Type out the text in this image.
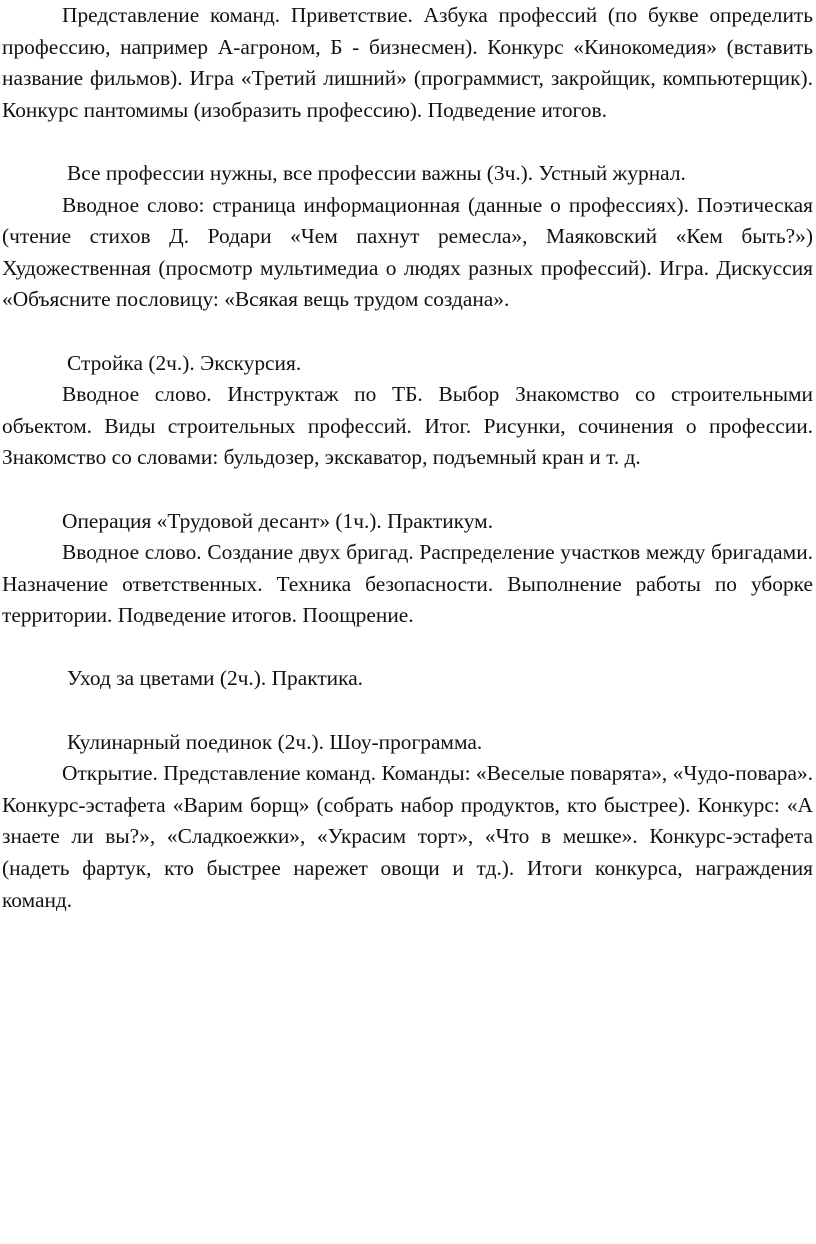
Представление команд. Приветствие. Азбука профессий (по букве определить профессию, например А-агроном, Б - бизнесмен). Конкурс «Кинокомедия» (вставить название фильмов). Игра «Третий лишний» (программист, закройщик, компьютерщик). Конкурс пантомимы (изобразить профессию). Подведение итогов.

Все профессии нужны, все профессии важны (3ч.). Устный журнал.

Вводное слово: страница информационная (данные о профессиях). Поэтическая (чтение стихов Д. Родари «Чем пахнут ремесла», Маяковский «Кем быть?») Художественная (просмотр мультимедиа о людях разных профессий). Игра. Дискуссия «Объясните пословицу: «Всякая вещь трудом создана».

Стройка (2ч.). Экскурсия.

Вводное слово. Инструктаж по ТБ. Выбор Знакомство со строительными объектом. Виды строительных профессий. Итог. Рисунки, сочинения о профессии. Знакомство со словами: бульдозер, экскаватор, подъемный кран и т. д.

Операция «Трудовой десант» (1ч.). Практикум.

Вводное слово. Создание двух бригад. Распределение участков между бригадами. Назначение ответственных. Техника безопасности. Выполнение работы по уборке территории. Подведение итогов. Поощрение.

Уход за цветами (2ч.). Практика.

Кулинарный поединок (2ч.). Шоу-программа.

Открытие. Представление команд. Команды: «Веселые поварята», «Чудо-повара». Конкурс-эстафета «Варим борщ» (собрать набор продуктов, кто быстрее). Конкурс: «А знаете ли вы?», «Сладкоежки», «Украсим торт», «Что в мешке». Конкурс-эстафета (надеть фартук, кто быстрее нарежет овощи и тд.). Итоги конкурса, награждения команд.
